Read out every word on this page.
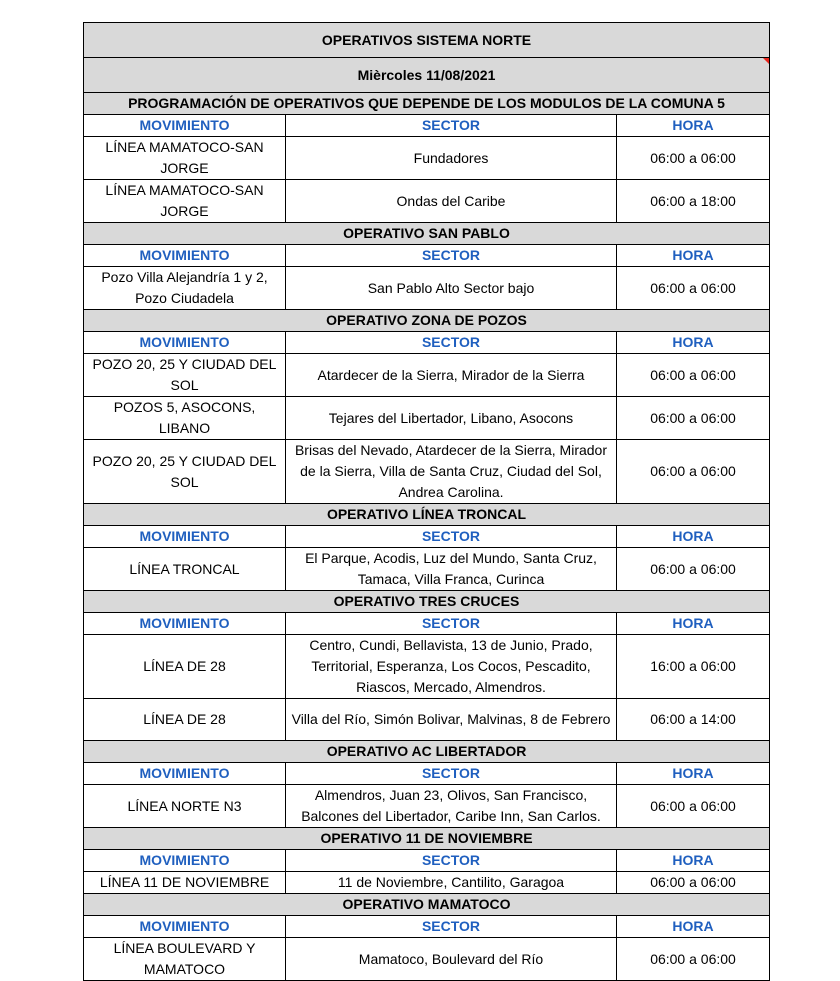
OPERATIVOS SISTEMA NORTE		
Mièrcoles 11/08/2021		

PROGRAMACIÓN DE OPERATIVOS QUE DEPENDE DE LOS MODULOS DE LA COMUNA 5		
MOVIMIENTO	SECTOR	HORA
LÍNEA MAMATOCO-SAN JORGE	Fundadores	06:00 a 06:00
LÍNEA MAMATOCO-SAN JORGE	Ondas del Caribe	06:00 a 18:00
OPERATIVO SAN PABLO		
MOVIMIENTO	SECTOR	HORA
Pozo Villa Alejandría 1 y 2, Pozo Ciudadela	San Pablo Alto Sector bajo	06:00 a 06:00
OPERATIVO ZONA DE POZOS		
MOVIMIENTO	SECTOR	HORA
POZO 20, 25 Y CIUDAD DEL SOL	Atardecer de la Sierra, Mirador de la Sierra	06:00 a 06:00
POZOS 5, ASOCONS, LIBANO	Tejares del Libertador, Libano, Asocons	06:00 a 06:00
POZO 20, 25 Y CIUDAD DEL SOL	Brisas del Nevado, Atardecer de la Sierra, Mirador de la Sierra, Villa de Santa Cruz, Ciudad del Sol, Andrea Carolina.	06:00 a 06:00
OPERATIVO LÍNEA TRONCAL		
MOVIMIENTO	SECTOR	HORA
LÍNEA TRONCAL	El Parque, Acodis, Luz del Mundo, Santa Cruz, Tamaca, Villa Franca, Curinca	06:00 a 06:00
OPERATIVO TRES CRUCES		
MOVIMIENTO	SECTOR	HORA
LÍNEA DE 28	Centro, Cundi, Bellavista, 13 de Junio, Prado, Territorial, Esperanza, Los Cocos, Pescadito, Riascos, Mercado, Almendros.	16:00 a 06:00
LÍNEA DE 28	Villa del Río, Simón Bolivar, Malvinas, 8 de Febrero	06:00 a 14:00
OPERATIVO AC LIBERTADOR		
MOVIMIENTO	SECTOR	HORA
LÍNEA NORTE N3	Almendros, Juan 23, Olivos, San Francisco, Balcones del Libertador, Caribe Inn, San Carlos.	06:00 a 06:00
OPERATIVO 11 DE NOVIEMBRE		
MOVIMIENTO	SECTOR	HORA
LÍNEA 11 DE NOVIEMBRE	11 de Noviembre, Cantilito, Garagoa	06:00 a 06:00
OPERATIVO MAMATOCO		
MOVIMIENTO	SECTOR	HORA
LÍNEA BOULEVARD Y MAMATOCO	Mamatoco, Boulevard del Río	06:00 a 06:00
